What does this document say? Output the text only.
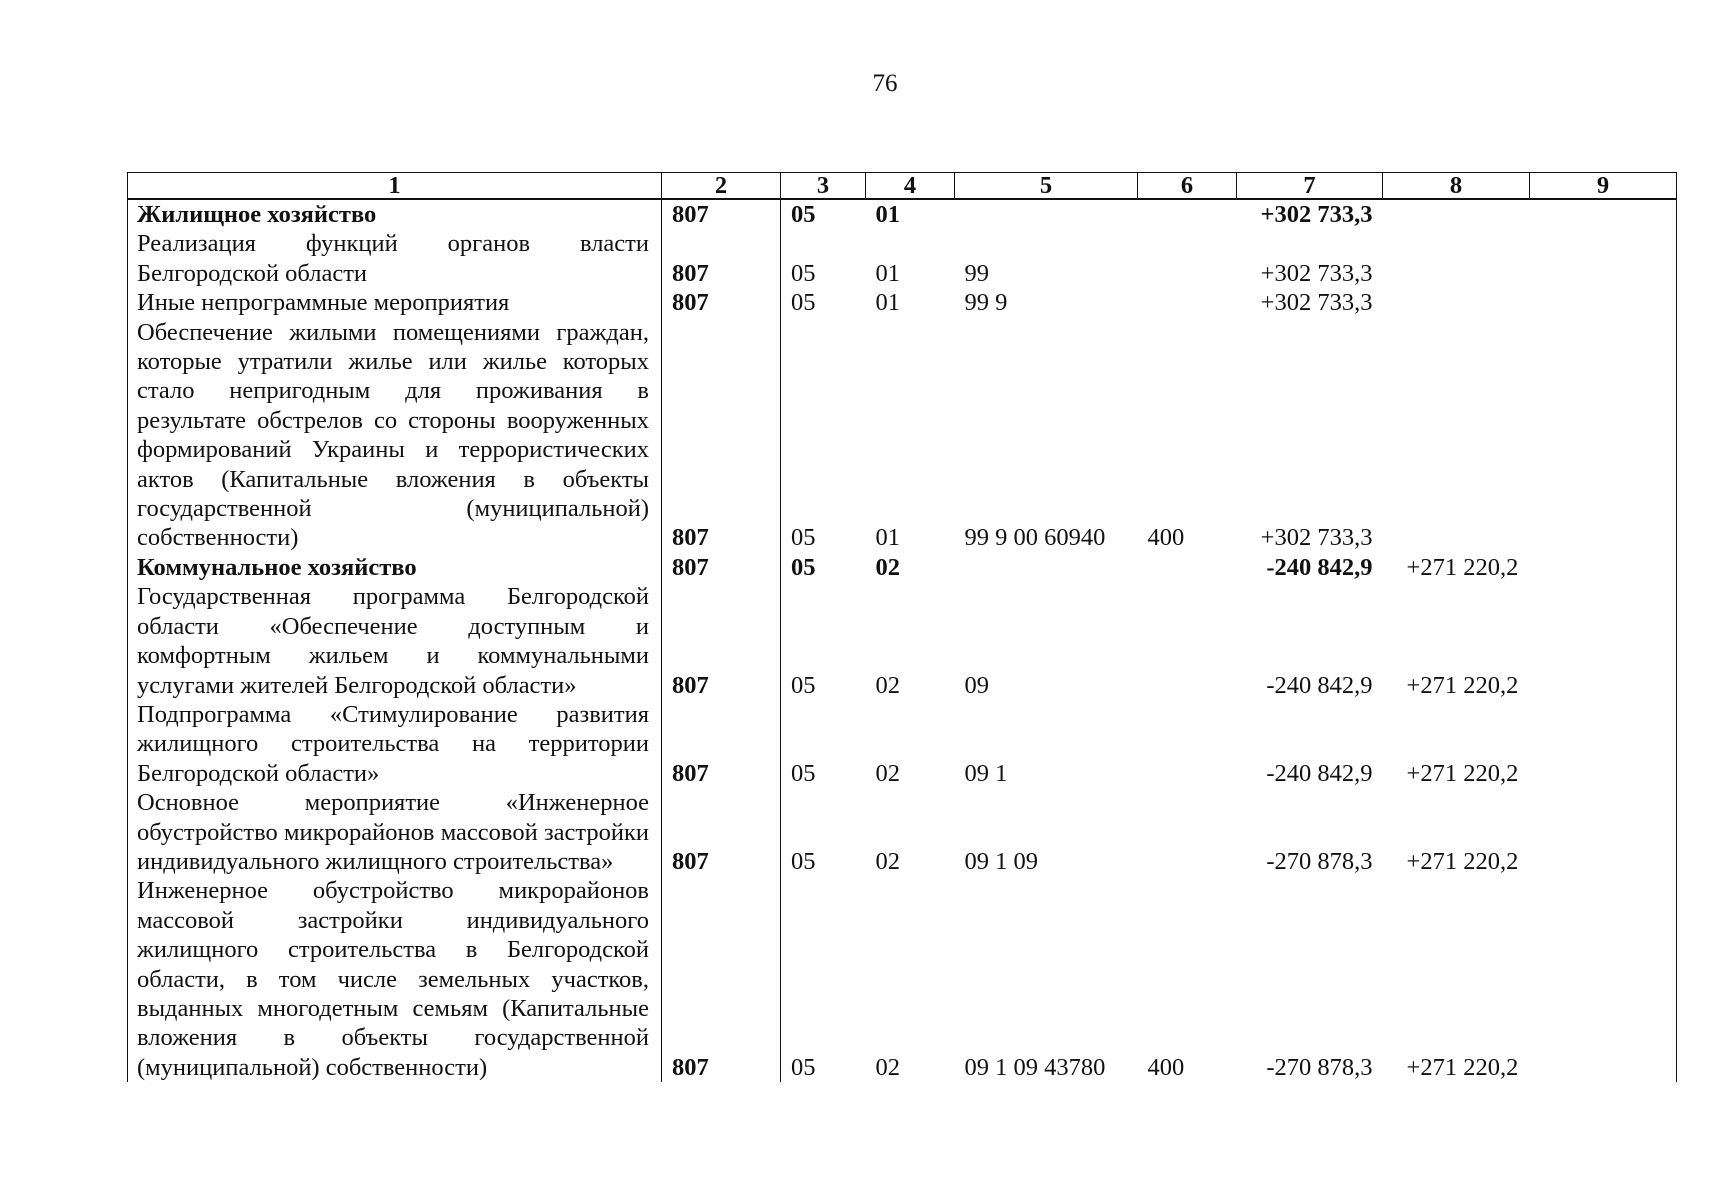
76
1	2	3	4	5	6	7	8	9
Жилищное хозяйство	807	05	01			+302 733,3		
Реализация функций органов власти Белгородской области	807	05	01	99		+302 733,3		
Иные непрограммные мероприятия	807	05	01	99 9		+302 733,3		
Обеспечение жилыми помещениями граждан, которые утратили жилье или жилье которых стало непригодным для проживания в результате обстрелов со стороны вооруженных формирований Украины и террористических актов (Капитальные вложения в объекты государственной (муниципальной) собственности)	807	05	01	99 9 00 60940	400	+302 733,3		
Коммунальное хозяйство	807	05	02			-240 842,9	+271 220,2	
Государственная программа Белгородской области «Обеспечение доступным и комфортным жильем и коммунальными услугами жителей Белгородской области»	807	05	02	09		-240 842,9	+271 220,2	
Подпрограмма «Стимулирование развития жилищного строительства на территории Белгородской области»	807	05	02	09 1		-240 842,9	+271 220,2	
Основное мероприятие «Инженерное обустройство микрорайонов массовой застройки индивидуального жилищного строительства»	807	05	02	09 1 09		-270 878,3	+271 220,2	
Инженерное обустройство микрорайонов массовой застройки индивидуального жилищного строительства в Белгородской области, в том числе земельных участков, выданных многодетным семьям (Капитальные вложения в объекты государственной (муниципальной) собственности)	807	05	02	09 1 09 43780	400	-270 878,3	+271 220,2	
